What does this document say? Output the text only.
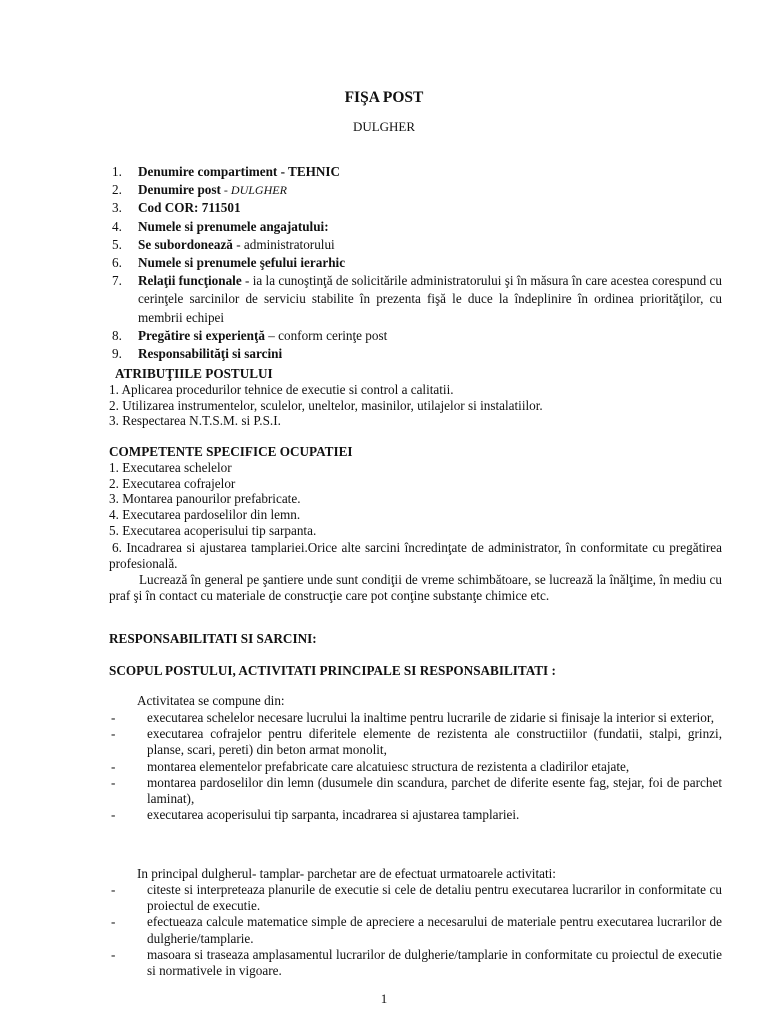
FIŞA POST
DULGHER
1.	Denumire compartiment - TEHNIC
2.	Denumire post - DULGHER
3.	Cod COR: 711501
4.	Numele si prenumele angajatului:
5.	Se subordonează - administratorului
6.	Numele si prenumele şefului ierarhic
7.	Relaţii funcţionale - ia la cunoştinţă de solicitările administratorului şi în măsura în care acestea corespund cu cerinţele sarcinilor de serviciu stabilite în prezenta fişă le duce la îndeplinire în ordinea priorităţilor, cu membrii echipei
8.	Pregătire si experienţă – conform cerinţe post
9.	Responsabilităţi si sarcini
ATRIBUŢIILE POSTULUI
1. Aplicarea procedurilor tehnice de executie si control a calitatii.
2. Utilizarea instrumentelor, sculelor, uneltelor, masinilor, utilajelor si instalatiilor.
3. Respectarea N.T.S.M. si P.S.I.
COMPETENTE SPECIFICE OCUPATIEI
1. Executarea schelelor
2. Executarea cofrajelor
3. Montarea panourilor prefabricate.
4. Executarea pardoselilor din lemn.
5. Executarea acoperisului tip sarpanta.
6. Incadrarea si ajustarea tamplariei.Orice alte sarcini încredinţate de administrator, în conformitate cu pregătirea profesională.
Lucrează în general pe şantiere unde sunt condiţii de vreme schimbătoare, se lucrează la înălţime, în mediu cu praf şi în contact cu materiale de construcţie care pot conţine substanţe chimice etc.
RESPONSABILITATI SI SARCINI:
SCOPUL POSTULUI, ACTIVITATI PRINCIPALE SI RESPONSABILITATI :
Activitatea se compune din:
- executarea schelelor necesare lucrului la inaltime pentru lucrarile de zidarie si finisaje la interior si exterior,
- executarea cofrajelor pentru diferitele elemente de rezistenta ale constructiilor (fundatii, stalpi, grinzi, planse, scari, pereti) din beton armat monolit,
- montarea elementelor prefabricate care alcatuiesc structura de rezistenta a cladirilor etajate,
- montarea pardoselilor din lemn (dusumele din scandura, parchet de diferite esente fag, stejar, foi de parchet laminat),
- executarea acoperisului tip sarpanta, incadrarea si ajustarea tamplariei.
In principal dulgherul- tamplar- parchetar are de efectuat urmatoarele activitati:
- citeste si interpreteaza planurile de executie si cele de detaliu pentru executarea lucrarilor in conformitate cu proiectul de executie.
- efectueaza calcule matematice simple de apreciere a necesarului de materiale pentru executarea lucrarilor de dulgherie/tamplarie.
- masoara si traseaza amplasamentul lucrarilor de dulgherie/tamplarie in conformitate cu proiectul de executie si normativele in vigoare.
1
